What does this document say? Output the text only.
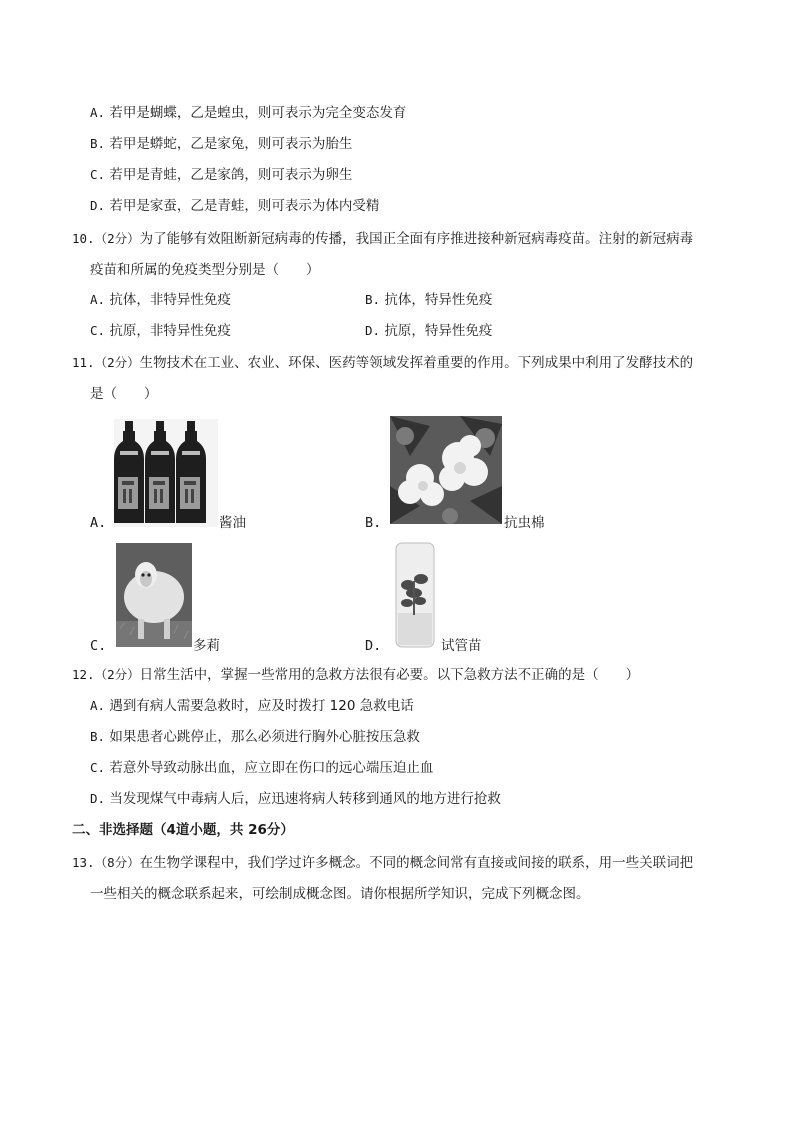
A. 若甲是蝴蝶，乙是蝗虫，则可表示为完全变态发育
B. 若甲是蟒蛇，乙是家兔，则可表示为胎生
C. 若甲是青蛙，乙是家鸽，则可表示为卵生
D. 若甲是家蚕，乙是青蛙，则可表示为体内受精
10.（2分）为了能够有效阻断新冠病毒的传播，我国正全面有序推进接种新冠病毒疫苗。注射的新冠病毒
疫苗和所属的免疫类型分别是（　　）
A. 抗体，非特异性免疫	B. 抗体，特异性免疫
C. 抗原，非特异性免疫	D. 抗原，特异性免疫
11.（2分）生物技术在工业、农业、环保、医药等领域发挥着重要的作用。下列成果中利用了发酵技术的
是（　　）
A.	酱油	B.	抗虫棉
C.	多莉	D.	试管苗
12.（2分）日常生活中，掌握一些常用的急救方法很有必要。以下急救方法不正确的是（　　）
A. 遇到有病人需要急救时，应及时拨打 120 急救电话
B. 如果患者心跳停止，那么必须进行胸外心脏按压急救
C. 若意外导致动脉出血，应立即在伤口的远心端压迫止血
D. 当发现煤气中毒病人后，应迅速将病人转移到通风的地方进行抢救
二、非选择题（4道小题，共 26分）
13.（8分）在生物学课程中，我们学过许多概念。不同的概念间常有直接或间接的联系，用一些关联词把
一些相关的概念联系起来，可绘制成概念图。请你根据所学知识，完成下列概念图。
